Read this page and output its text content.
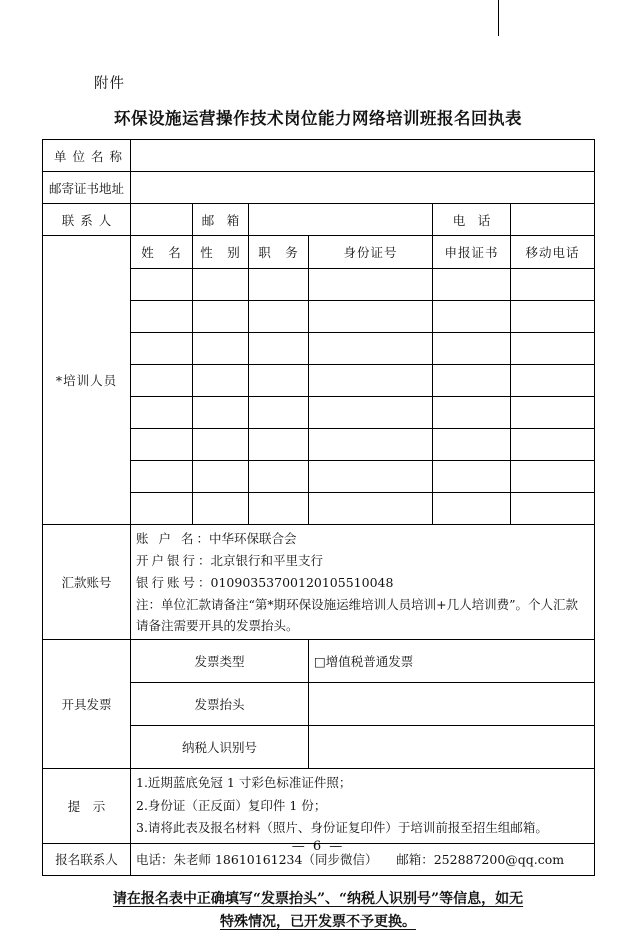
附件
环保设施运营操作技术岗位能力网络培训班报名回执表
单位名称						
邮寄证书地址						
联系人		邮　箱			电　话	
*培训人员	姓　名	性　别	职　务	身份证号	申报证书	移动电话

汇款账号	账 户 名：中华环保联合会
开户银行：北京银行和平里支行
银行账号：01090353700120105510048
注：单位汇款请备注“第*期环保设施运维培训人员培训+几人培训费”。个人汇款请备注需要开具的发票抬头。					

开具发票	发票类型			□增值税普通发票		
	发票抬头					
	纳税人识别号					
提　示	1.近期蓝底免冠 1 寸彩色标准证件照；
2.身份证（正反面）复印件 1 份；
3.请将此表及报名材料（照片、身份证复印件）于培训前报至招生组邮箱。					

报名联系人	电话：朱老师 18610161234（同步微信）　　邮箱：252887200@qq.com					
请在报名表中正确填写“发票抬头”、“纳税人识别号”等信息，如无
特殊情况，已开发票不予更换。
— 6 —
